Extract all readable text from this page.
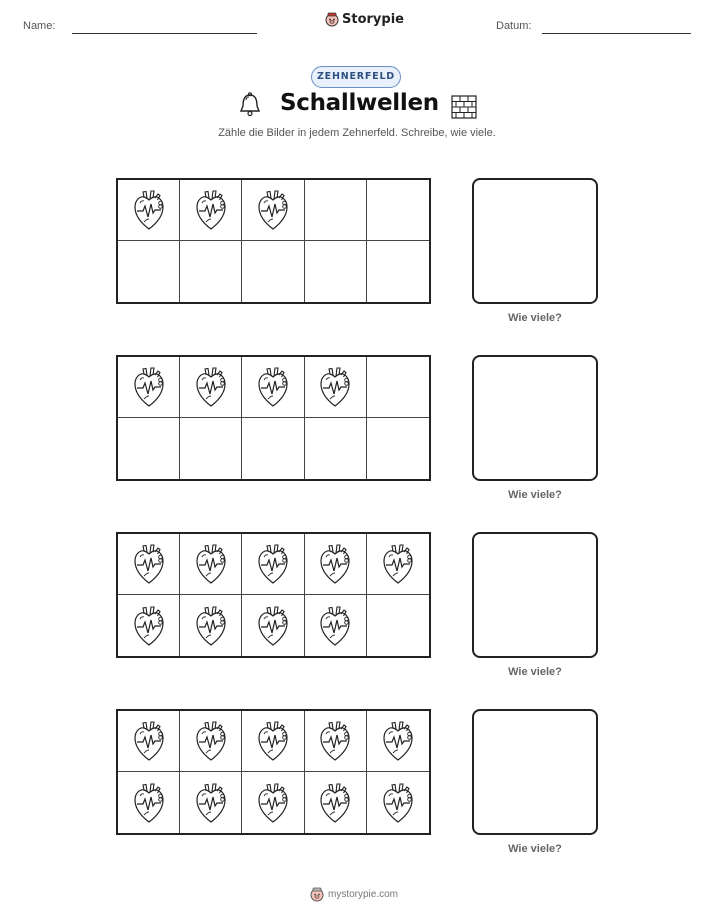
Name:	Storypie	Datum:
ZEHNERFELD
Schallwellen
Zähle die Bilder in jedem Zehnerfeld. Schreibe, wie viele.
Wie viele?
Wie viele?
Wie viele?
Wie viele?
mystorypie.com
